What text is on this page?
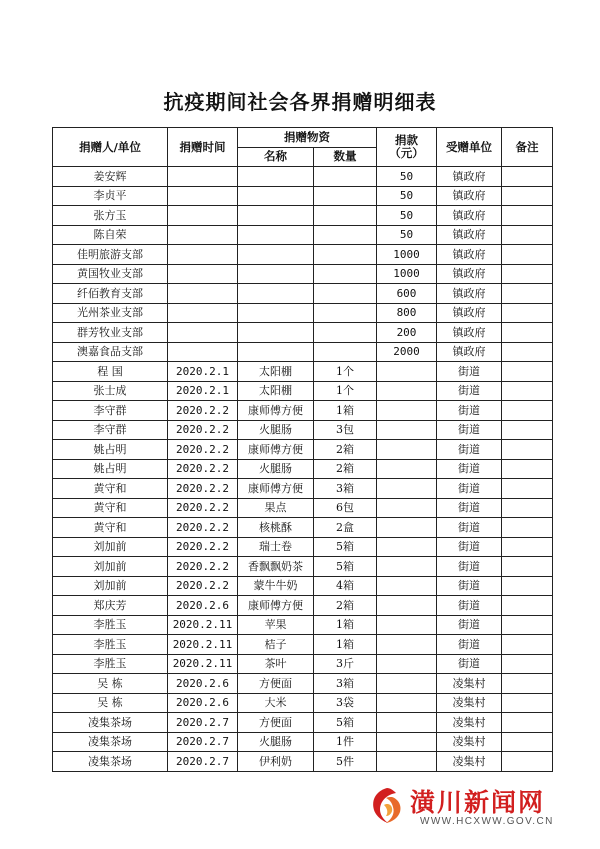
抗疫期间社会各界捐赠明细表
捐赠人/单位	捐赠时间	捐赠物资		捐款（元）	受赠单位	备注
		名称	数量			
姜安辉				50	镇政府	
李贞平				50	镇政府	
张方玉				50	镇政府	
陈自荣				50	镇政府	
佳明旅游支部				1000	镇政府	
黄国牧业支部				1000	镇政府	
纤佰教育支部				600	镇政府	
光州茶业支部				800	镇政府	
群芳牧业支部				200	镇政府	
澳嘉食品支部				2000	镇政府	
程 国	2020.2.1	太阳棚	1个		街道	
张士成	2020.2.1	太阳棚	1个		街道	
李守群	2020.2.2	康师傅方便	1箱		街道	
李守群	2020.2.2	火腿肠	3包		街道	
姚占明	2020.2.2	康师傅方便	2箱		街道	
姚占明	2020.2.2	火腿肠	2箱		街道	
黄守和	2020.2.2	康师傅方便	3箱		街道	
黄守和	2020.2.2	果点	6包		街道	
黄守和	2020.2.2	核桃酥	2盒		街道	
刘加前	2020.2.2	瑞士卷	5箱		街道	
刘加前	2020.2.2	香飘飘奶茶	5箱		街道	
刘加前	2020.2.2	蒙牛牛奶	4箱		街道	
郑庆芳	2020.2.6	康师傅方便	2箱		街道	
李胜玉	2020.2.11	苹果	1箱		街道	
李胜玉	2020.2.11	桔子	1箱		街道	
李胜玉	2020.2.11	茶叶	3斤		街道	
吴 栋	2020.2.6	方便面	3箱		凌集村	
吴 栋	2020.2.6	大米	3袋		凌集村	
凌集茶场	2020.2.7	方便面	5箱		凌集村	
凌集茶场	2020.2.7	火腿肠	1件		凌集村	
凌集茶场	2020.2.7	伊利奶	5件		凌集村	
潢川新闻网
WWW.HCXWW.GOV.CN
